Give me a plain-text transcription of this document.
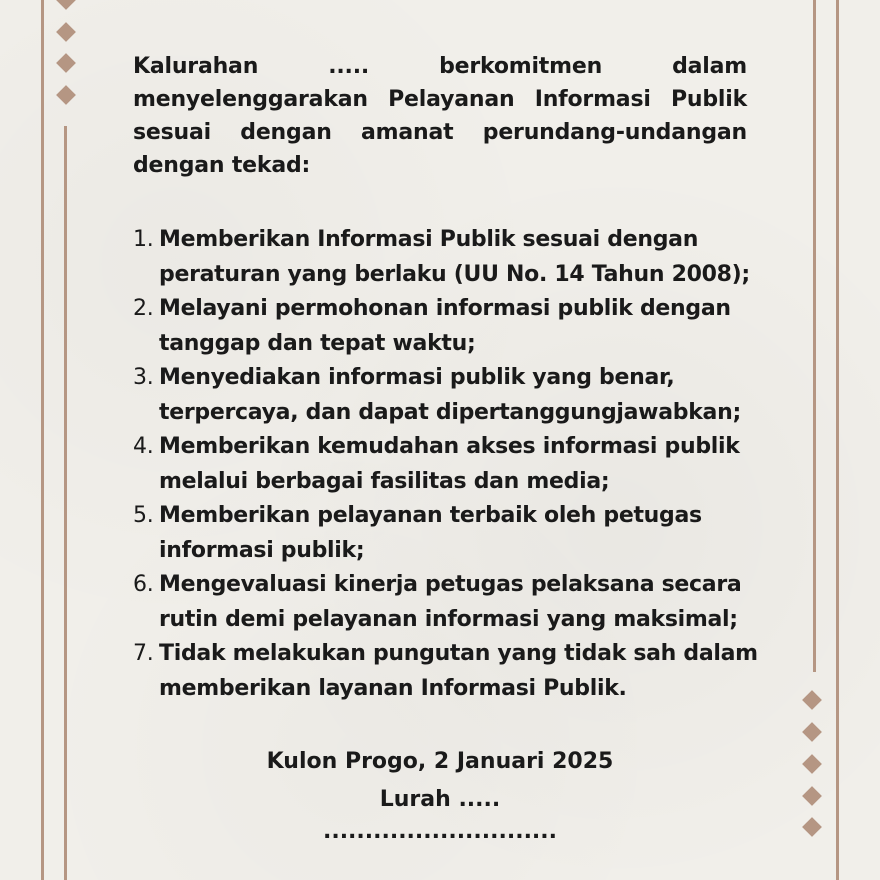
Kalurahan ..... berkomitmen dalam menyelenggarakan Pelayanan Informasi Publik sesuai dengan amanat perundang-undangan dengan tekad:

1. Memberikan Informasi Publik sesuai dengan
peraturan yang berlaku (UU No. 14 Tahun 2008);
2. Melayani permohonan informasi publik dengan
tanggap dan tepat waktu;
3. Menyediakan informasi publik yang benar,
terpercaya, dan dapat dipertanggungjawabkan;
4. Memberikan kemudahan akses informasi publik
melalui berbagai fasilitas dan media;
5. Memberikan pelayanan terbaik oleh petugas
informasi publik;
6. Mengevaluasi kinerja petugas pelaksana secara
rutin demi pelayanan informasi yang maksimal;
7. Tidak melakukan pungutan yang tidak sah dalam
memberikan layanan Informasi Publik.
Kulon Progo, 2 Januari 2025
Lurah .....
............................
